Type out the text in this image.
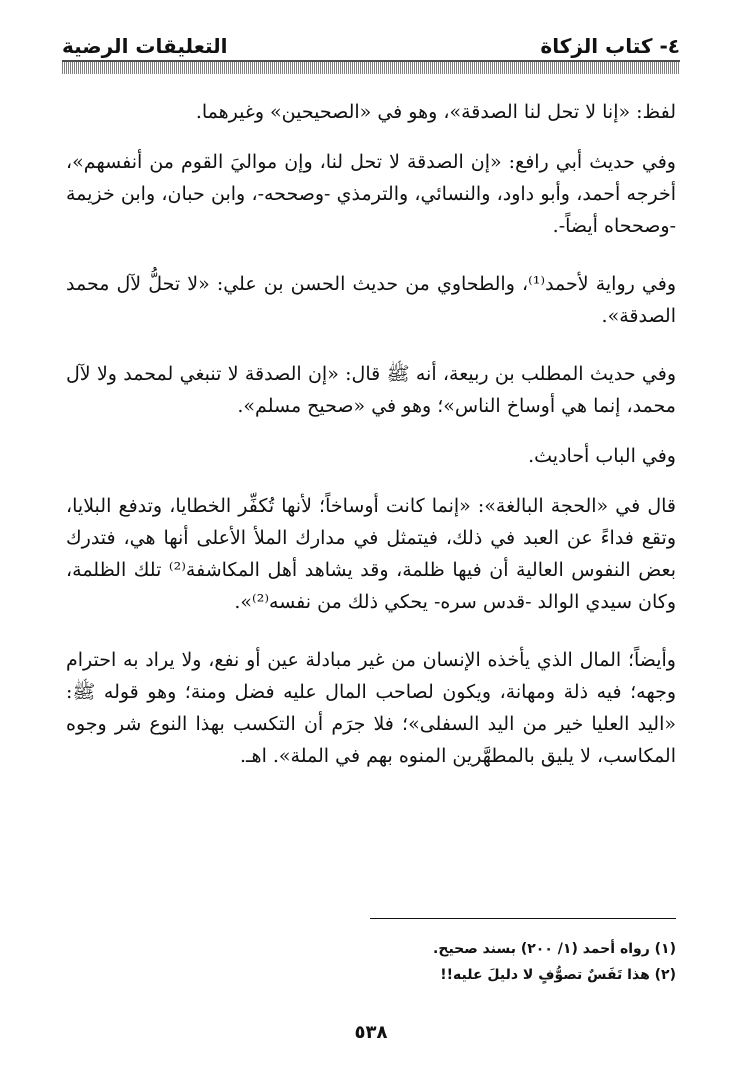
٤- كتاب الزكاة
التعليقات الرضية

لفظ: «إنا لا تحل لنا الصدقة»، وهو في «الصحيحين» وغيرهما.

وفي حديث أبي رافع: «إن الصدقة لا تحل لنا، وإن مواليَ القوم من أنفسهم»، أخرجه أحمد، وأبو داود، والنسائي، والترمذي -وصححه-، وابن حبان، وابن خزيمة -وصححاه أيضاً-.

وفي رواية لأحمد⁽¹⁾، والطحاوي من حديث الحسن بن علي: «لا تحلُّ لآل محمد الصدقة».

وفي حديث المطلب بن ربيعة، أنه ﷺ قال: «إن الصدقة لا تنبغي لمحمد ولا لآل محمد، إنما هي أوساخ الناس»؛ وهو في «صحيح مسلم».

وفي الباب أحاديث.

قال في «الحجة البالغة»: «إنما كانت أوساخاً؛ لأنها تُكفِّر الخطايا، وتدفع البلايا، وتقع فداءً عن العبد في ذلك، فيتمثل في مدارك الملأ الأعلى أنها هي، فتدرك بعض النفوس العالية أن فيها ظلمة، وقد يشاهد أهل المكاشفة⁽²⁾ تلك الظلمة، وكان سيدي الوالد -قدس سره- يحكي ذلك من نفسه⁽²⁾».

وأيضاً؛ المال الذي يأخذه الإنسان من غير مبادلة عين أو نفع، ولا يراد به احترام وجهه؛ فيه ذلة ومهانة، ويكون لصاحب المال عليه فضل ومنة؛ وهو قوله ﷺ: «اليد العليا خير من اليد السفلى»؛ فلا جرَم أن التكسب بهذا النوع شر وجوه المكاسب، لا يليق بالمطهَّرين المنوه بهم في الملة». اهـ.

(١) رواه أحمد (١/ ٢٠٠) بسند صحيح.

(٢) هذا تَفَسٌ تصوُّفٍ لا دليلَ عليه!!

٥٣٨
